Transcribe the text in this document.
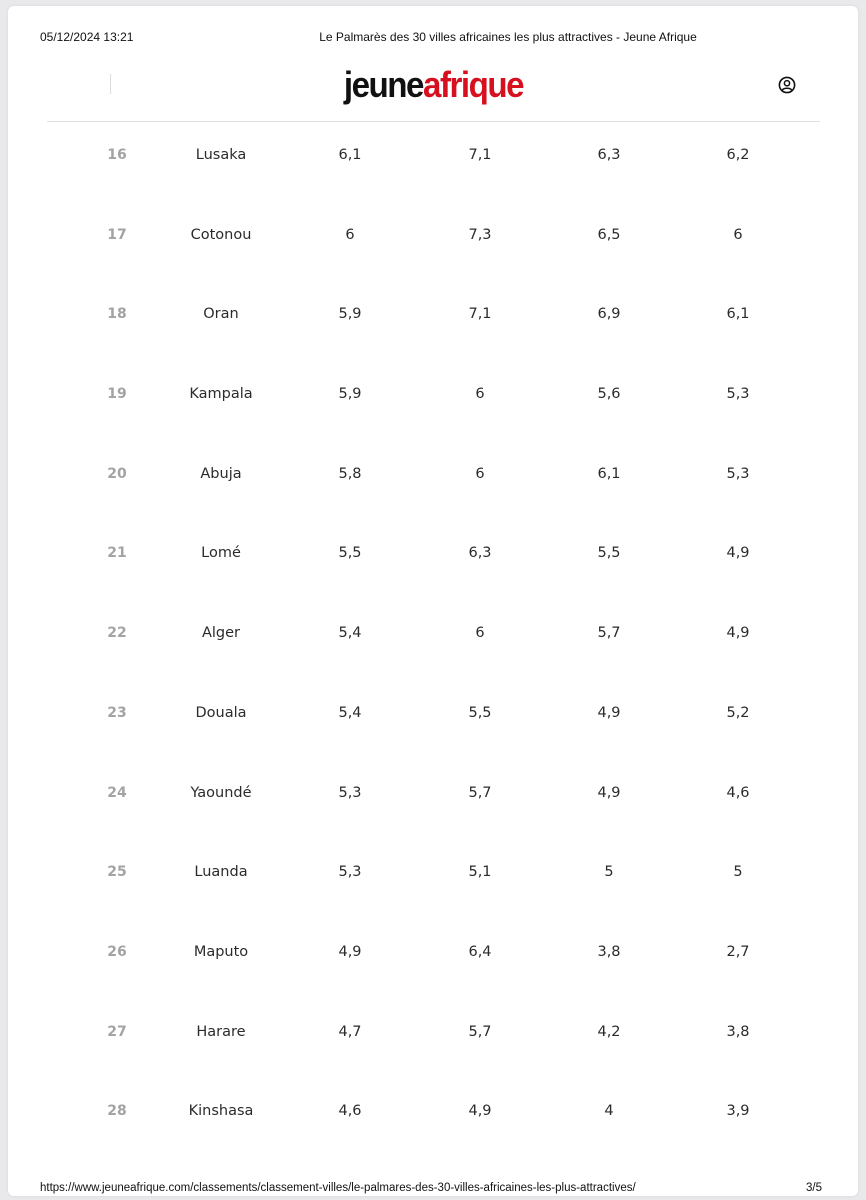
05/12/2024 13:21	Le Palmarès des 30 villes africaines les plus attractives - Jeune Afrique
jeuneafrique
16	Lusaka	6,1	7,1	6,3	6,2
17	Cotonou	6	7,3	6,5	6
18	Oran	5,9	7,1	6,9	6,1
19	Kampala	5,9	6	5,6	5,3
20	Abuja	5,8	6	6,1	5,3
21	Lomé	5,5	6,3	5,5	4,9
22	Alger	5,4	6	5,7	4,9
23	Douala	5,4	5,5	4,9	5,2
24	Yaoundé	5,3	5,7	4,9	4,6
25	Luanda	5,3	5,1	5	5
26	Maputo	4,9	6,4	3,8	2,7
27	Harare	4,7	5,7	4,2	3,8
28	Kinshasa	4,6	4,9	4	3,9
https://www.jeuneafrique.com/classements/classement-villes/le-palmares-des-30-villes-africaines-les-plus-attractives/	3/5
